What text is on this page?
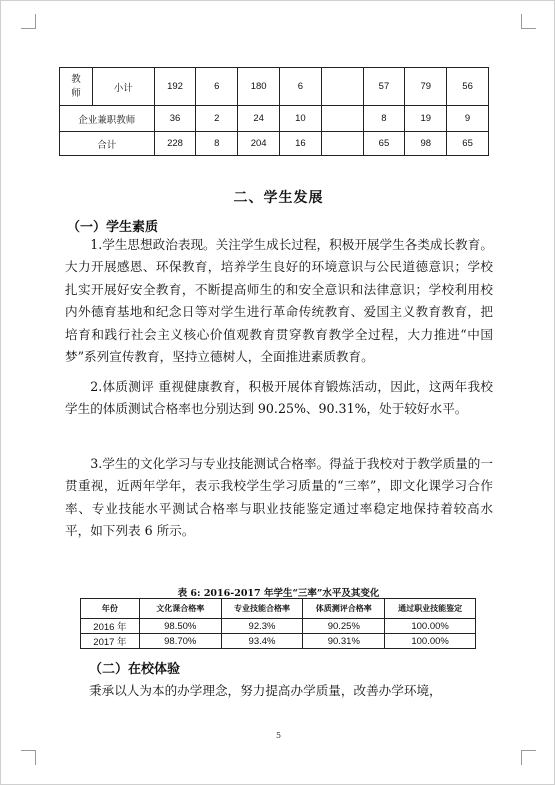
教师	小计	192	6	180	6		57	79	56
企业兼职教师		36	2	24	10		8	19	9
合计		228	8	204	16		65	98	65
二、学生发展
（一）学生素质
1.学生思想政治表现。关注学生成长过程，积极开展学生各类成长教育。大力开展感恩、环保教育，培养学生良好的环境意识与公民道德意识；学校扎实开展好安全教育，不断提高师生的和安全意识和法律意识；学校利用校内外德育基地和纪念日等对学生进行革命传统教育、爱国主义教育教育，把培育和践行社会主义核心价值观教育贯穿教育教学全过程，大力推进“中国梦”系列宣传教育，坚持立德树人，全面推进素质教育。
2.体质测评 重视健康教育，积极开展体育锻炼活动，因此，这两年我校学生的体质测试合格率也分别达到 90.25%、90.31%，处于较好水平。
3.学生的文化学习与专业技能测试合格率。得益于我校对于教学质量的一贯重视，近两年学年，表示我校学生学习质量的“三率”，即文化课学习合作率、专业技能水平测试合格率与职业技能鉴定通过率稳定地保持着较高水平，如下列表 6 所示。
表 6: 2016-2017 年学生“三率”水平及其变化
年份	文化课合格率	专业技能合格率	体质测评合格率	通过职业技能鉴定
2016 年	98.50%	92.3%	90.25%	100.00%
2017 年	98.70%	93.4%	90.31%	100.00%
（二）在校体验
秉承以人为本的办学理念，努力提高办学质量，改善办学环境，
5
